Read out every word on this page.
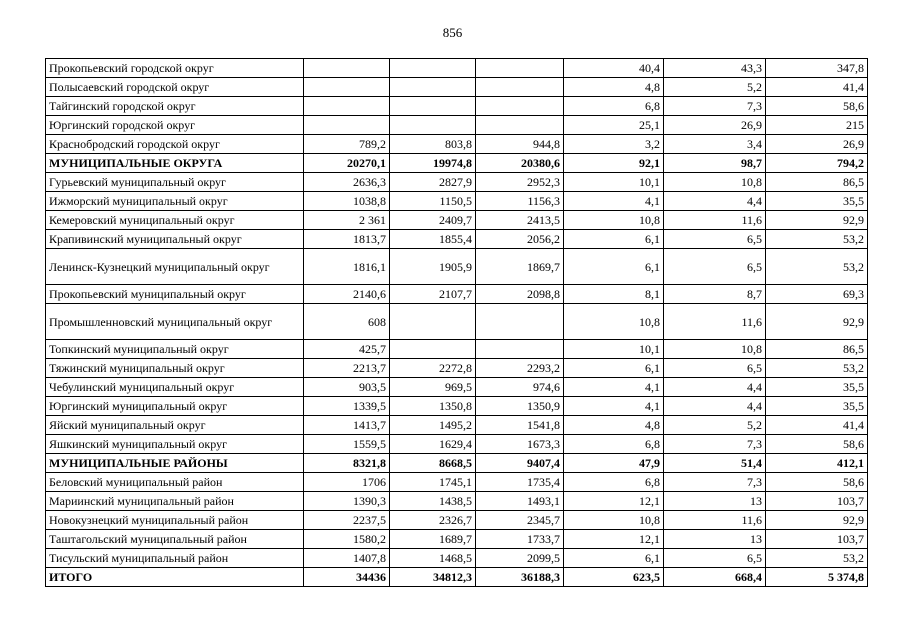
856
Прокопьевский городской округ				40,4	43,3	347,8
Полысаевский городской округ				4,8	5,2	41,4
Тайгинский городской округ				6,8	7,3	58,6
Юргинский городской округ				25,1	26,9	215
Краснобродский городской округ	789,2	803,8	944,8	3,2	3,4	26,9
МУНИЦИПАЛЬНЫЕ ОКРУГА	20270,1	19974,8	20380,6	92,1	98,7	794,2
Гурьевский муниципальный округ	2636,3	2827,9	2952,3	10,1	10,8	86,5
Ижморский муниципальный округ	1038,8	1150,5	1156,3	4,1	4,4	35,5
Кемеровский муниципальный округ	2 361	2409,7	2413,5	10,8	11,6	92,9
Крапивинский муниципальный округ	1813,7	1855,4	2056,2	6,1	6,5	53,2
Ленинск-Кузнецкий муниципальный округ	1816,1	1905,9	1869,7	6,1	6,5	53,2
Прокопьевский муниципальный округ	2140,6	2107,7	2098,8	8,1	8,7	69,3
Промышленновский муниципальный округ	608			10,8	11,6	92,9
Топкинский муниципальный округ	425,7			10,1	10,8	86,5
Тяжинский муниципальный округ	2213,7	2272,8	2293,2	6,1	6,5	53,2
Чебулинский муниципальный округ	903,5	969,5	974,6	4,1	4,4	35,5
Юргинский муниципальный округ	1339,5	1350,8	1350,9	4,1	4,4	35,5
Яйский муниципальный округ	1413,7	1495,2	1541,8	4,8	5,2	41,4
Яшкинский муниципальный округ	1559,5	1629,4	1673,3	6,8	7,3	58,6
МУНИЦИПАЛЬНЫЕ РАЙОНЫ	8321,8	8668,5	9407,4	47,9	51,4	412,1
Беловский муниципальный район	1706	1745,1	1735,4	6,8	7,3	58,6
Мариинский муниципальный район	1390,3	1438,5	1493,1	12,1	13	103,7
Новокузнецкий муниципальный район	2237,5	2326,7	2345,7	10,8	11,6	92,9
Таштагольский муниципальный район	1580,2	1689,7	1733,7	12,1	13	103,7
Тисульский муниципальный район	1407,8	1468,5	2099,5	6,1	6,5	53,2
ИТОГО	34436	34812,3	36188,3	623,5	668,4	5 374,8
